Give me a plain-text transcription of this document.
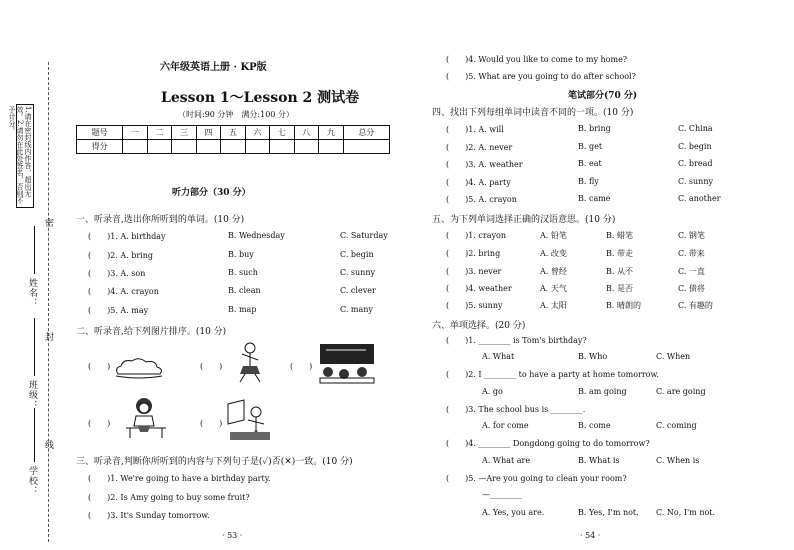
1.请在密封线内作答，超出无效。2.请勿在此处签名，否则不予计分。
密
封
线
姓名：
班级：
学校：
六年级英语上册 · KP版
Lesson 1～Lesson 2 测试卷
（时间:90 分钟　满分:100 分）
题号	一	二	三	四	五	六	七	八	九	总分
得分										
听力部分（30 分）
一、听录音,选出你所听到的单词。(10 分)
(　　)1. A. birthday	B. Wednesday	C. Saturday
(　　)2. A. bring	B. buy	C. begin
(　　)3. A. son	B. such	C. sunny
(　　)4. A. crayon	B. clean	C. clever
(　　)5. A. may	B. map	C. many
二、听录音,给下列图片排序。(10 分)
(　　)	(　　)	(　　)
(　　)	(　　)
三、听录音,判断你所听到的内容与下列句子是(✓)否(✕)一致。(10 分)
(　　)1. We're going to have a birthday party.
(　　)2. Is Amy going to buy some fruit?
(　　)3. It's Sunday tomorrow.
· 53 ·
(　　)4. Would you like to come to my home?
(　　)5. What are you going to do after school?
笔试部分(70 分)
四、找出下列每组单词中读音不同的一项。(10 分)
(　　)1. A. will	B. bring	C. China
(　　)2. A. never	B. get	C. begin
(　　)3. A. weather	B. eat	C. bread
(　　)4. A. party	B. fly	C. sunny
(　　)5. A. crayon	B. came	C. another
五、为下列单词选择正确的汉语意思。(10 分)
(　　)1. crayon	A. 铅笔	B. 蜡笔	C. 钢笔
(　　)2. bring	A. 改变	B. 带走	C. 带来
(　　)3. never	A. 曾经	B. 从不	C. 一直
(　　)4. weather	A. 天气	B. 是否	C. 债将
(　　)5. sunny	A. 太阳	B. 晴朗的	C. 有趣的
六、单项选择。(20 分)
(　　)1. ________ is Tom's birthday?
A. What	B. Who	C. When
(　　)2. I ________ to have a party at home tomorrow.
A. go	B. am going	C. are going
(　　)3. The school bus is ________.
A. for come	B. come	C. coming
(　　)4. ________ Dongdong going to do tomorrow?
A. What are	B. What is	C. When is
(　　)5. —Are you going to clean your room?
—________
A. Yes, you are.	B. Yes, I'm not. C. No, I'm not.
· 54 ·
